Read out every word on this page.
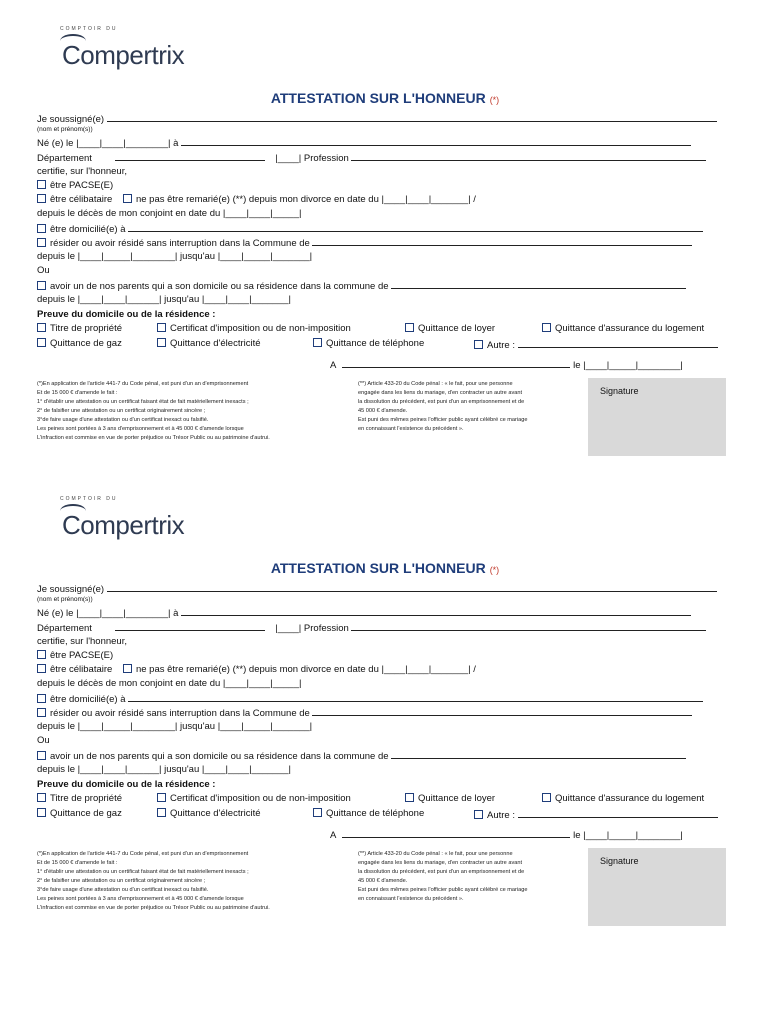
COMPTOIR DU
Compertrix
ATTESTATION SUR L'HONNEUR (*)
Je soussigné(e)
(nom et prénom(s))
Né (e) le |____|____|________| à
Département	|____| Profession
certifie, sur l'honneur,
être PACSE(E)
être célibataire ne pas être remarié(e) (**) depuis mon divorce en date du |____|____|_______| /
depuis le décès de mon conjoint en date du |____|____|_____|
être domicilié(e) à
résider ou avoir résidé sans interruption dans la Commune de
depuis le |____|_____|________| jusqu'au |____|_____|_______|
Ou
avoir un de nos parents qui a son domicile ou sa résidence dans la commune de
depuis le |____|____|______| jusqu'au |____|____|_______|
Preuve du domicile ou de la résidence :
Titre de propriété	Certificat d'imposition ou de non-imposition	Quittance de loyer	Quittance d'assurance du logement
Quittance de gaz	Quittance d'électricité	Quittance de téléphone	Autre :
A	le |____|_____|________|
(*)En application de l'article 441-7 du Code pénal, est puni d'un an d'emprisonnement
Et de 15 000 € d'amende le fait :
1° d'établir une attestation ou un certificat faisant état de fait matériellement inexacts ;
2° de falsifier une attestation ou un certificat originairement sincère ;
3°de faire usage d'une attestation ou d'un certificat inexact ou falsifié.
Les peines sont portées à 3 ans d'emprisonnement et à 45 000 € d'amende lorsque
L'infraction est commise en vue de porter préjudice ou Trésor Public ou au patrimoine d'autrui.
(**) Article 433-20 du Code pénal : « le fait, pour une personne
engagée dans les liens du mariage, d'en contracter un autre avant
la dissolution du précédent, est puni d'un an emprisonnement et de
45 000 € d'amende.
Est puni des mêmes peines l'officier public ayant célébré ce mariage
en connaissant l'existence du précédent ».
Signature
COMPTOIR DU
Compertrix
ATTESTATION SUR L'HONNEUR (*)
Je soussigné(e)
(nom et prénom(s))
Né (e) le |____|____|________| à
Département	|____| Profession
certifie, sur l'honneur,
être PACSE(E)
être célibataire ne pas être remarié(e) (**) depuis mon divorce en date du |____|____|_______| /
depuis le décès de mon conjoint en date du |____|____|_____|
être domicilié(e) à
résider ou avoir résidé sans interruption dans la Commune de
depuis le |____|_____|________| jusqu'au |____|_____|_______|
Ou
avoir un de nos parents qui a son domicile ou sa résidence dans la commune de
depuis le |____|____|______| jusqu'au |____|____|_______|
Preuve du domicile ou de la résidence :
Titre de propriété	Certificat d'imposition ou de non-imposition	Quittance de loyer	Quittance d'assurance du logement
Quittance de gaz	Quittance d'électricité	Quittance de téléphone	Autre :
A	le |____|_____|________|
(*)En application de l'article 441-7 du Code pénal, est puni d'un an d'emprisonnement
Et de 15 000 € d'amende le fait :
1° d'établir une attestation ou un certificat faisant état de fait matériellement inexacts ;
2° de falsifier une attestation ou un certificat originairement sincère ;
3°de faire usage d'une attestation ou d'un certificat inexact ou falsifié.
Les peines sont portées à 3 ans d'emprisonnement et à 45 000 € d'amende lorsque
L'infraction est commise en vue de porter préjudice ou Trésor Public ou au patrimoine d'autrui.
(**) Article 433-20 du Code pénal : « le fait, pour une personne
engagée dans les liens du mariage, d'en contracter un autre avant
la dissolution du précédent, est puni d'un an emprisonnement et de
45 000 € d'amende.
Est puni des mêmes peines l'officier public ayant célébré ce mariage
en connaissant l'existence du précédent ».
Signature
